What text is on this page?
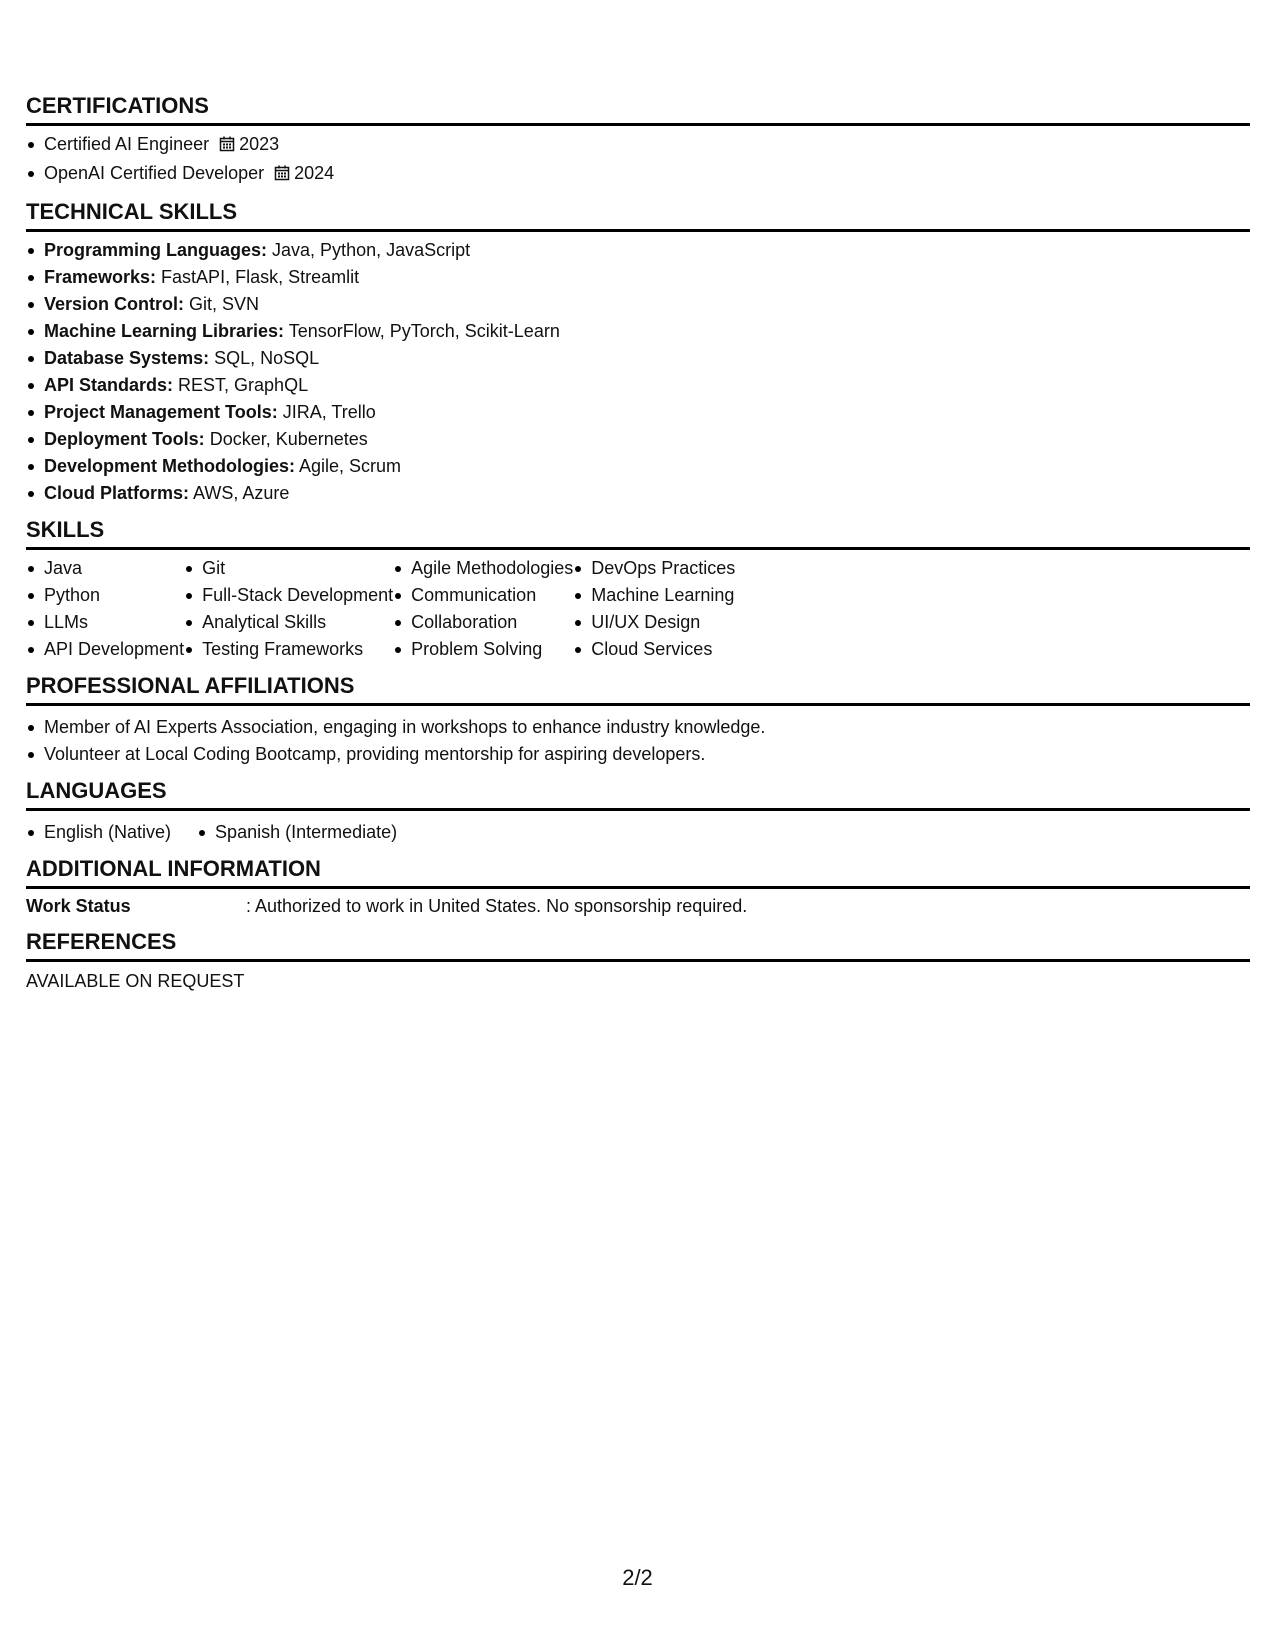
CERTIFICATIONS
Certified AI Engineer 2023
OpenAI Certified Developer 2024
TECHNICAL SKILLS
Programming Languages: Java, Python, JavaScript
Frameworks: FastAPI, Flask, Streamlit
Version Control: Git, SVN
Machine Learning Libraries: TensorFlow, PyTorch, Scikit-Learn
Database Systems: SQL, NoSQL
API Standards: REST, GraphQL
Project Management Tools: JIRA, Trello
Deployment Tools: Docker, Kubernetes
Development Methodologies: Agile, Scrum
Cloud Platforms: AWS, Azure
SKILLS
Java
Python
LLMs
API Development
Git
Full-Stack Development
Analytical Skills
Testing Frameworks
Agile Methodologies
Communication
Collaboration
Problem Solving
DevOps Practices
Machine Learning
UI/UX Design
Cloud Services
PROFESSIONAL AFFILIATIONS
Member of AI Experts Association, engaging in workshops to enhance industry knowledge.
Volunteer at Local Coding Bootcamp, providing mentorship for aspiring developers.
LANGUAGES
English (Native)	Spanish (Intermediate)
ADDITIONAL INFORMATION
Work Status	: Authorized to work in United States. No sponsorship required.
REFERENCES
AVAILABLE ON REQUEST
2/2
